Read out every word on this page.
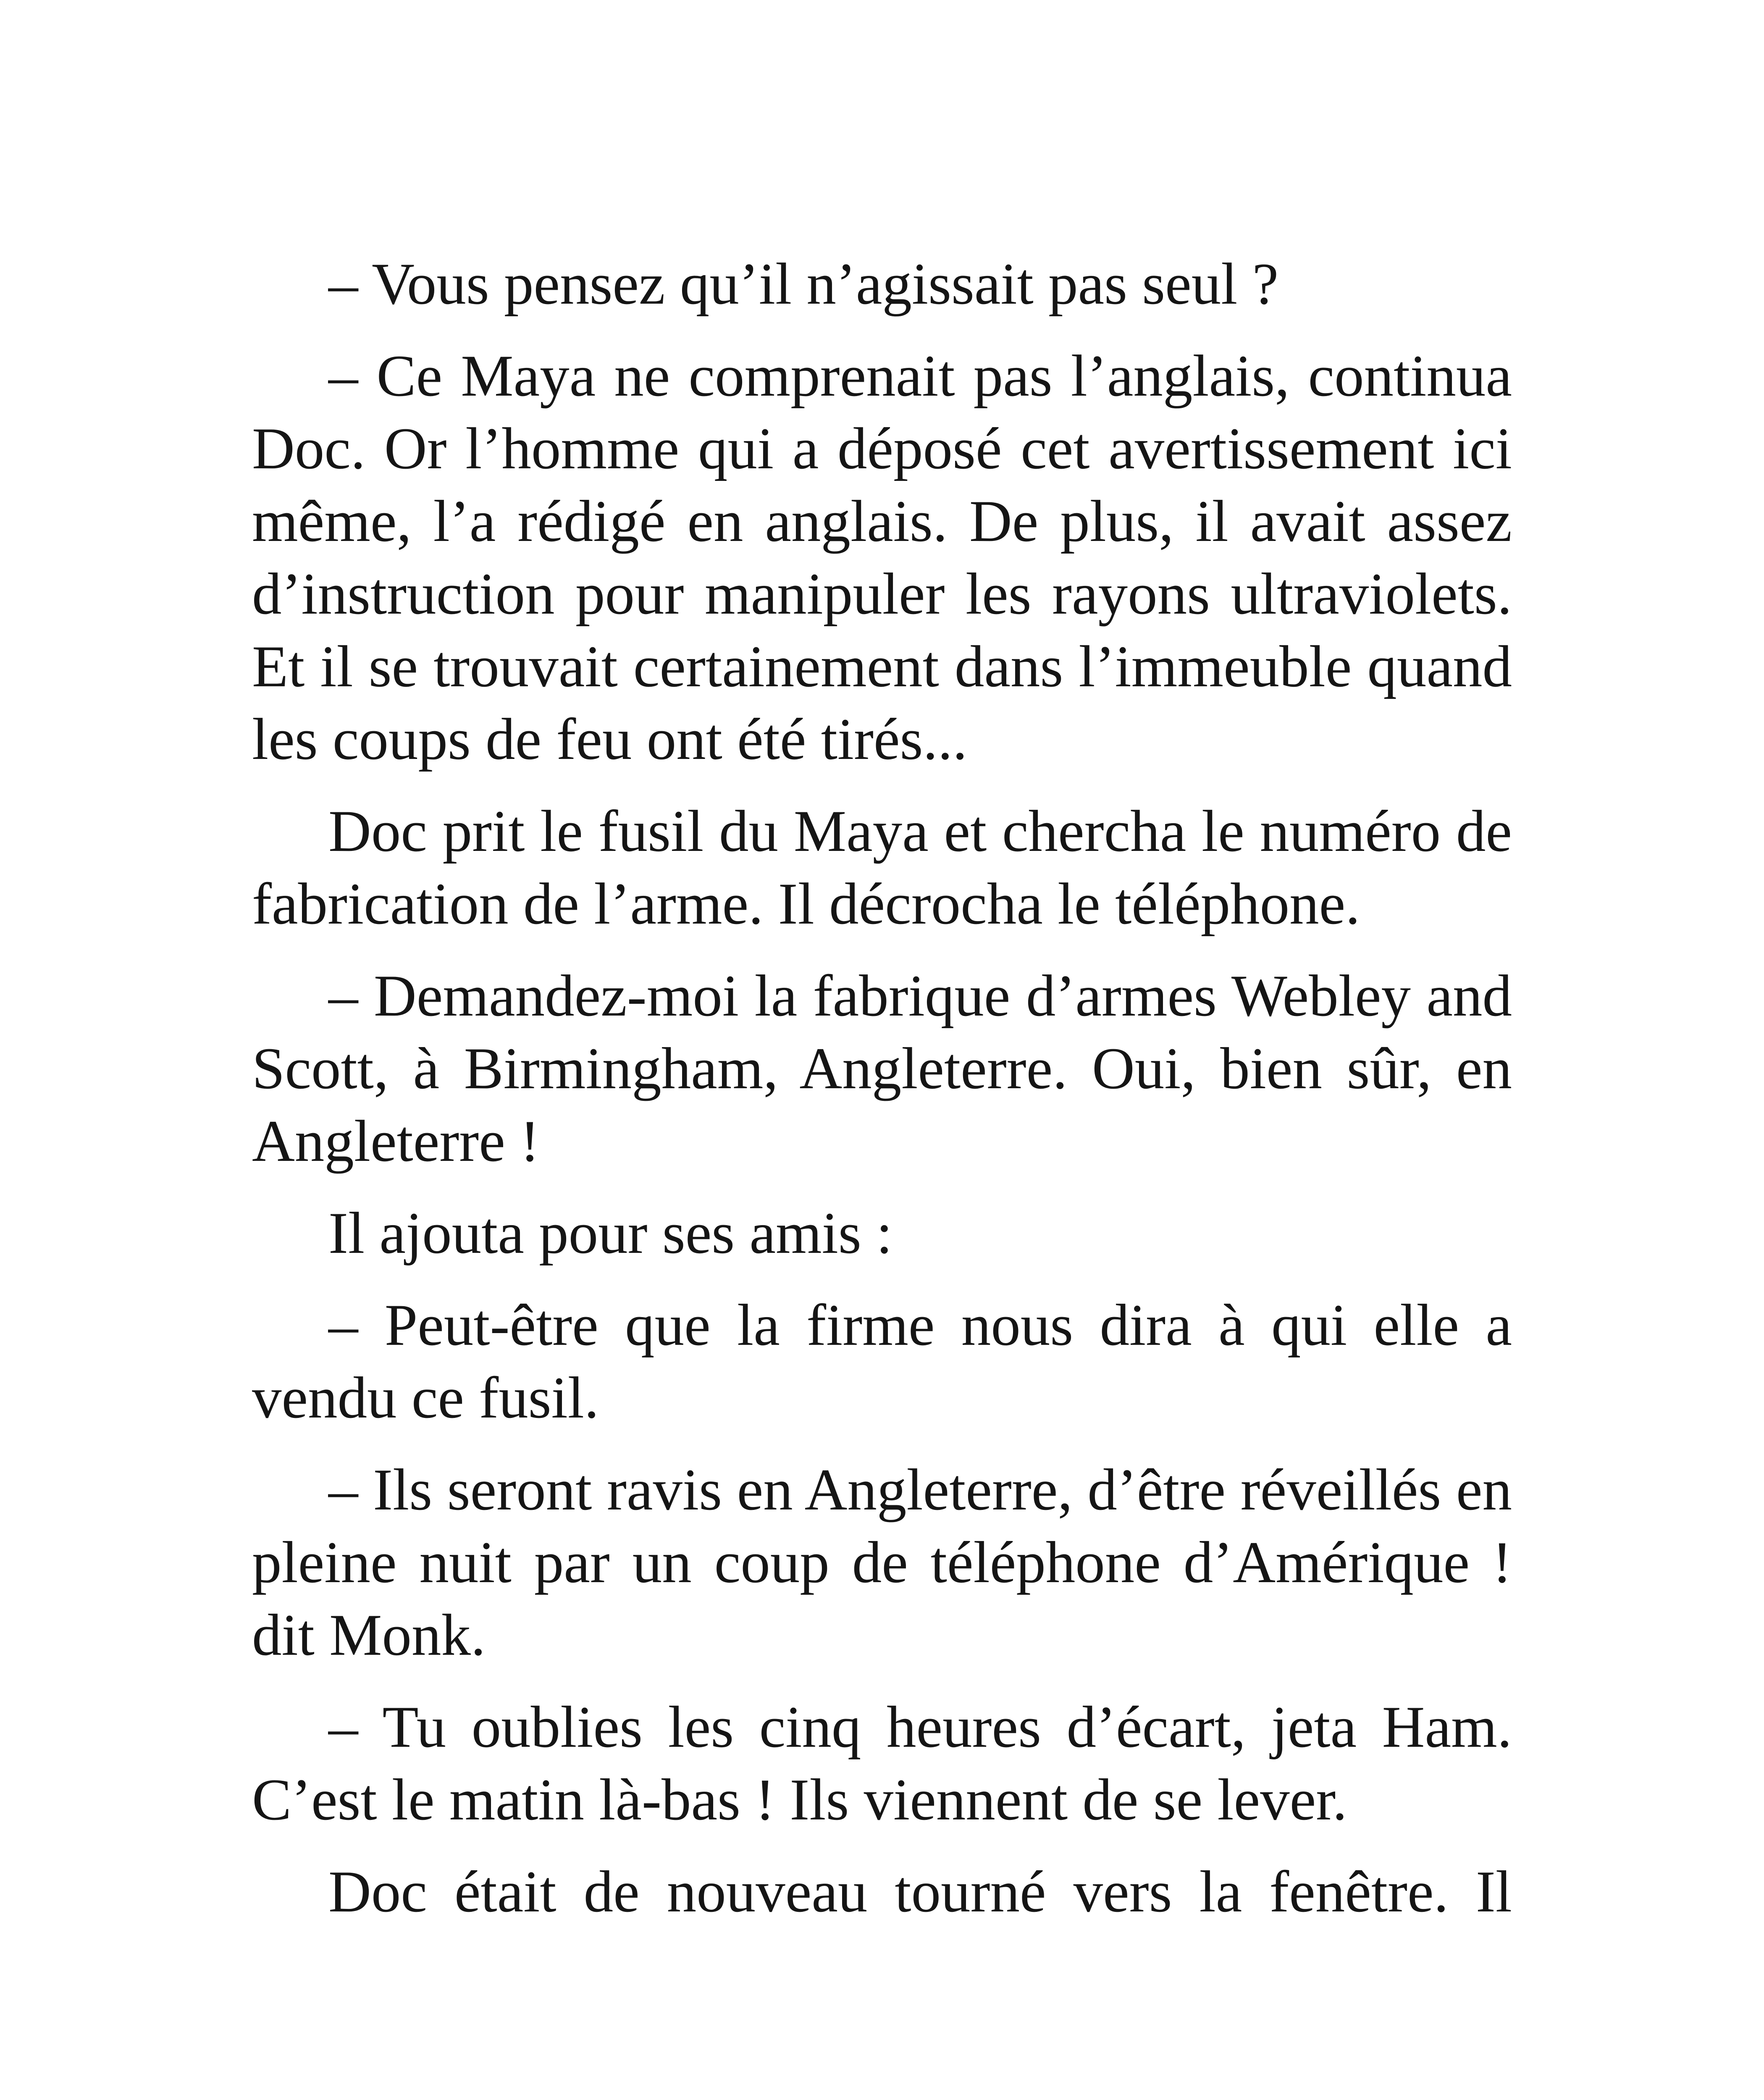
– Vous pensez qu’il n’agissait pas seul ?

– Ce Maya ne comprenait pas l’anglais, continua Doc. Or l’homme qui a déposé cet avertissement ici même, l’a rédigé en anglais. De plus, il avait assez d’instruction pour manipuler les rayons ultraviolets. Et il se trouvait certainement dans l’immeuble quand les coups de feu ont été tirés...

Doc prit le fusil du Maya et chercha le numéro de fabrication de l’arme. Il décrocha le téléphone.

– Demandez-moi la fabrique d’armes Webley and Scott, à Birmingham, Angleterre. Oui, bien sûr, en Angleterre !

Il ajouta pour ses amis :

– Peut-être que la firme nous dira à qui elle a vendu ce fusil.

– Ils seront ravis en Angleterre, d’être réveillés en pleine nuit par un coup de téléphone d’Amérique ! dit Monk.

– Tu oublies les cinq heures d’écart, jeta Ham. C’est le matin là-bas ! Ils viennent de se lever.

Doc était de nouveau tourné vers la fenêtre. Il
